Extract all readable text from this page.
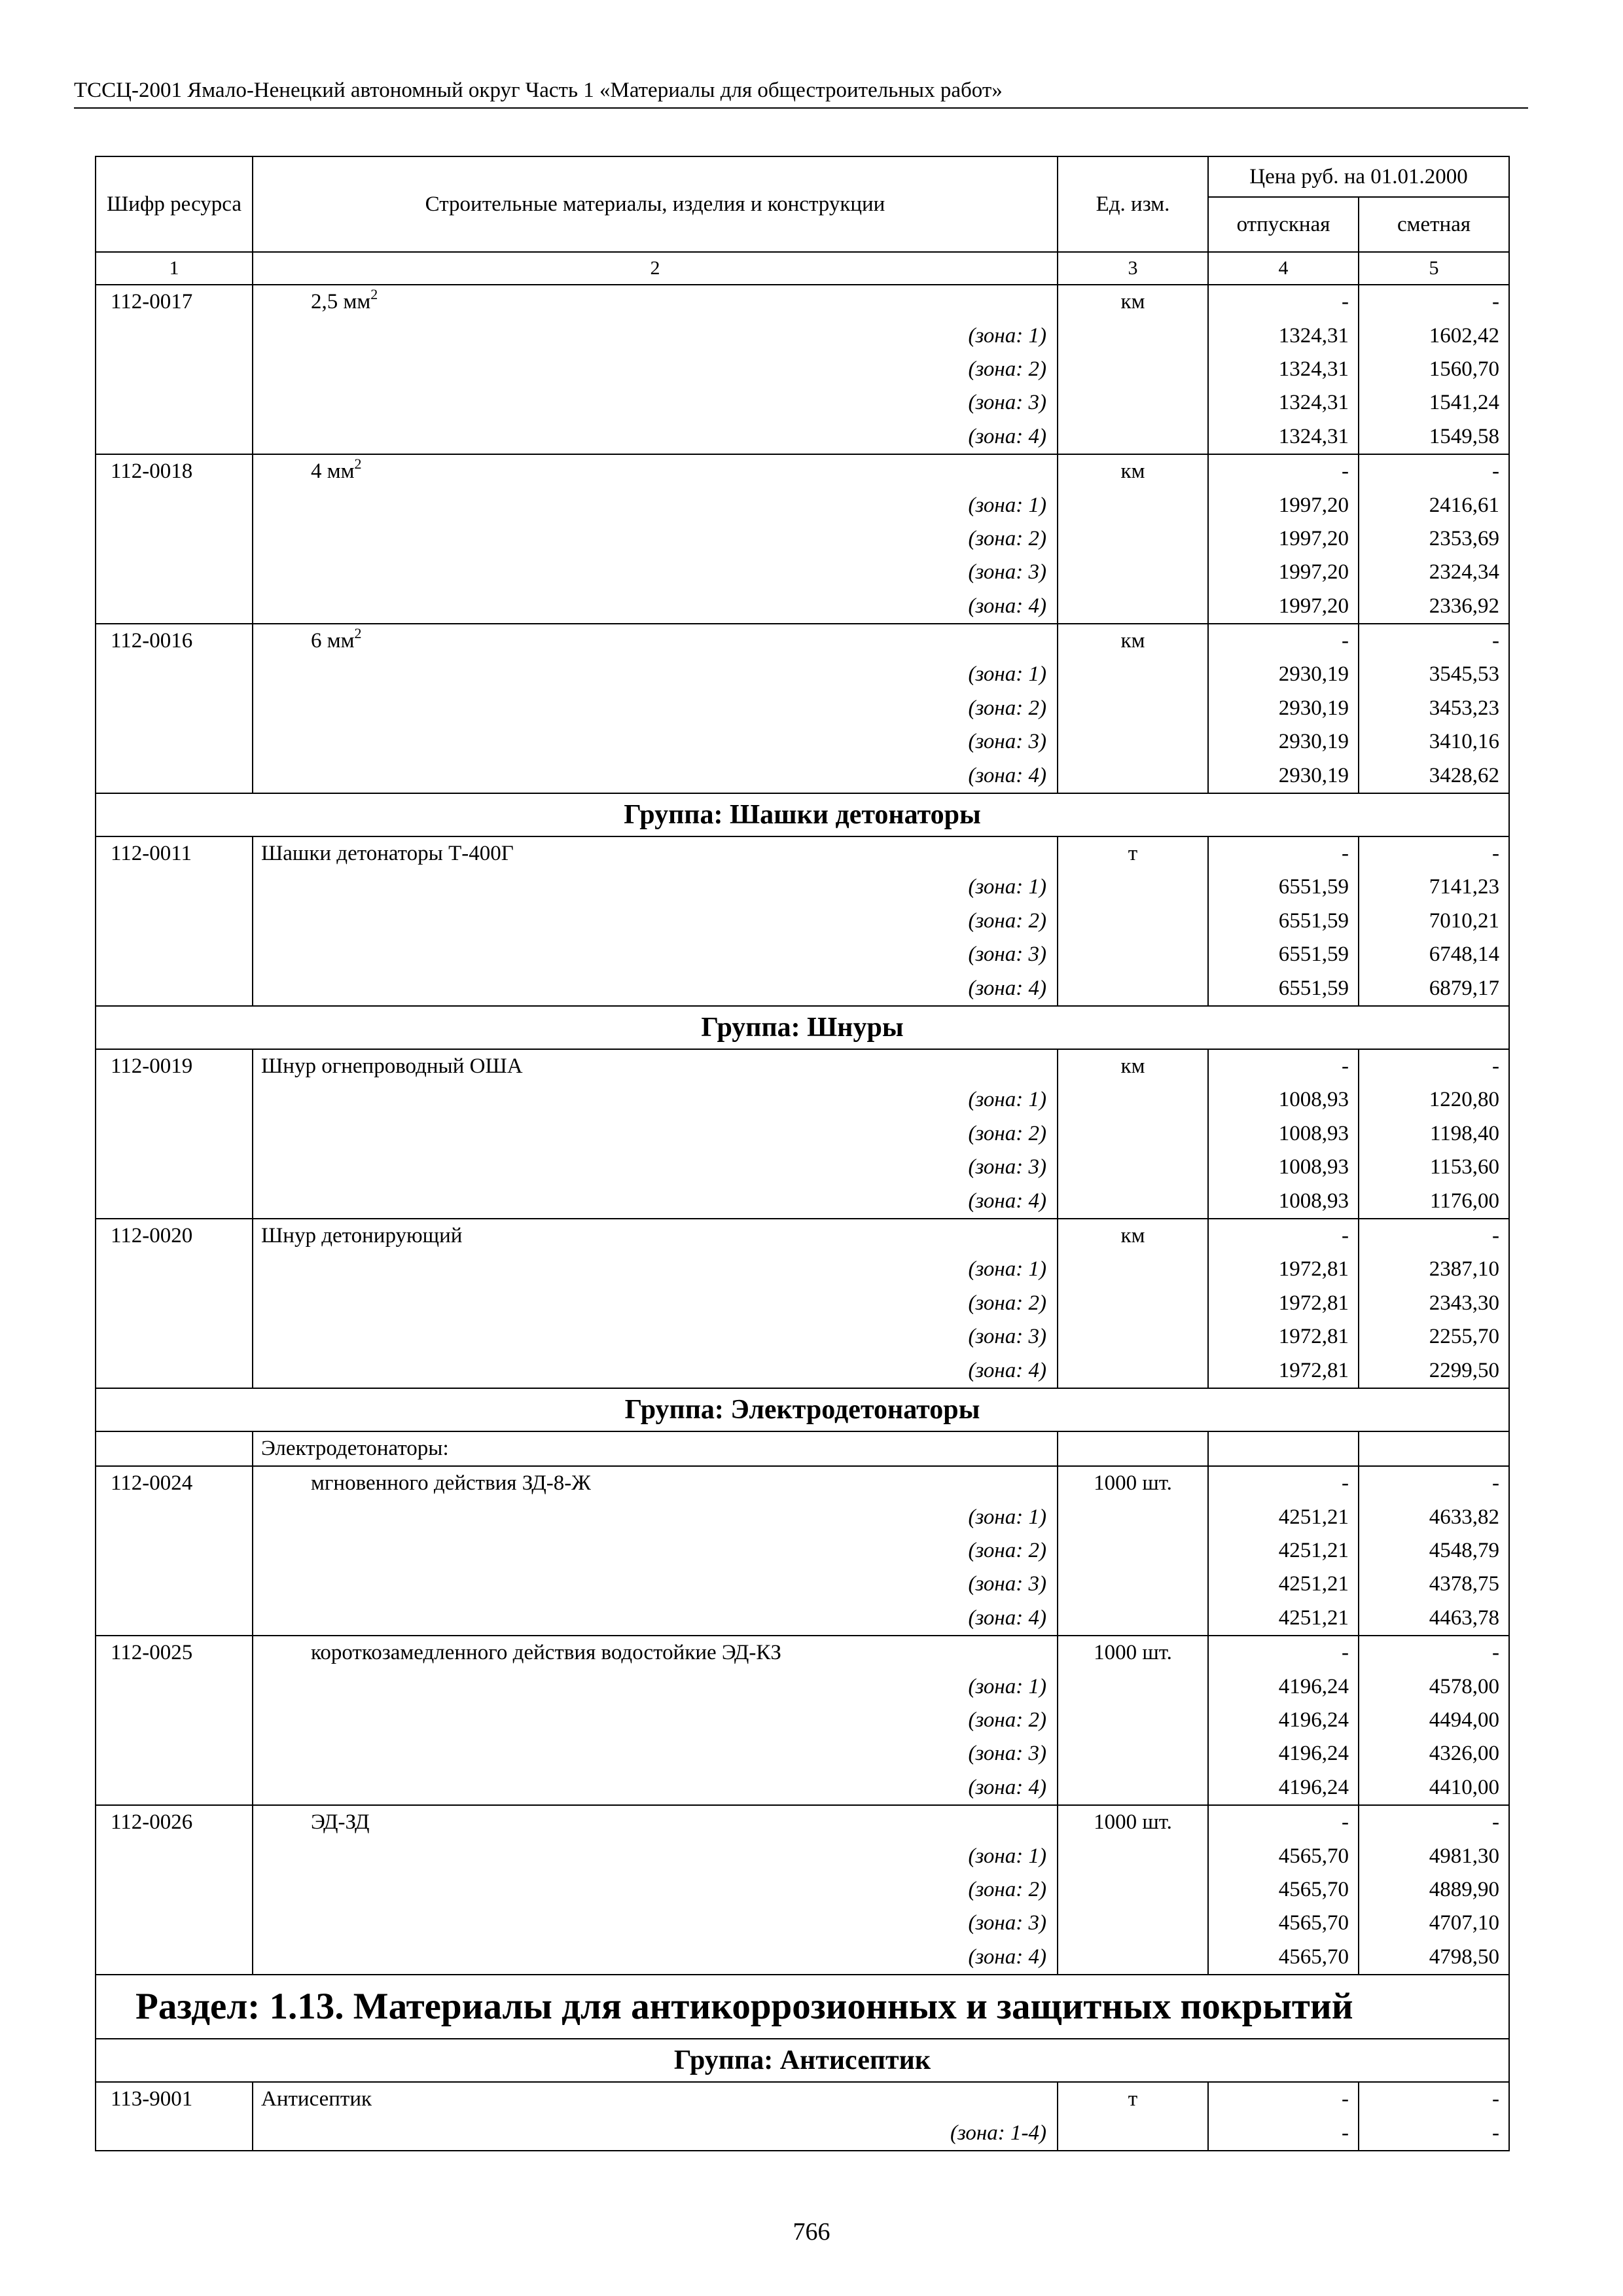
ТССЦ-2001 Ямало-Ненецкий автономный округ Часть 1 «Материалы для общестроительных работ»
Шифр ресурса	Строительные материалы, изделия и конструкции	Ед. изм.	Цена руб. на 01.01.2000	
			отпускная	сметная
1	2	3	4	5
112-0017	2,5 $мм^2$	км	-	-
	(зона: 1)		1324,31	1602,42
	(зона: 2)		1324,31	1560,70
	(зона: 3)		1324,31	1541,24
	(зона: 4)		1324,31	1549,58
112-0018	4 $мм^2$	км	-	-
	(зона: 1)		1997,20	2416,61
	(зона: 2)		1997,20	2353,69
	(зона: 3)		1997,20	2324,34
	(зона: 4)		1997,20	2336,92
112-0016	6 $мм^2$	км	-	-
	(зона: 1)		2930,19	3545,53
	(зона: 2)		2930,19	3453,23
	(зона: 3)		2930,19	3410,16
	(зона: 4)		2930,19	3428,62
Группа: Шашки детонаторы				
112-0011	Шашки детонаторы Т-400Г	т	-	-
	(зона: 1)		6551,59	7141,23
	(зона: 2)		6551,59	7010,21
	(зона: 3)		6551,59	6748,14
	(зона: 4)		6551,59	6879,17
Группа: Шнуры				
112-0019	Шнур огнепроводный ОША	км	-	-
	(зона: 1)		1008,93	1220,80
	(зона: 2)		1008,93	1198,40
	(зона: 3)		1008,93	1153,60
	(зона: 4)		1008,93	1176,00
112-0020	Шнур детонирующий	км	-	-
	(зона: 1)		1972,81	2387,10
	(зона: 2)		1972,81	2343,30
	(зона: 3)		1972,81	2255,70
	(зона: 4)		1972,81	2299,50
Группа: Электродетонаторы				
	Электродетонаторы:			
112-0024	мгновенного действия ЗД-8-Ж	1000 шт.	-	-
	(зона: 1)		4251,21	4633,82
	(зона: 2)		4251,21	4548,79
	(зона: 3)		4251,21	4378,75
	(зона: 4)		4251,21	4463,78
112-0025	короткозамедленного действия водостойкие ЭД-КЗ	1000 шт.	-	-
	(зона: 1)		4196,24	4578,00
	(зона: 2)		4196,24	4494,00
	(зона: 3)		4196,24	4326,00
	(зона: 4)		4196,24	4410,00
112-0026	ЭД-ЗД	1000 шт.	-	-
	(зона: 1)		4565,70	4981,30
	(зона: 2)		4565,70	4889,90
	(зона: 3)		4565,70	4707,10
	(зона: 4)		4565,70	4798,50
Раздел: 1.13. Материалы для антикоррозионных и защитных покрытий				
Группа: Антисептик				
113-9001	Антисептик	т	-	-
	(зона: 1-4)		-	-
766
